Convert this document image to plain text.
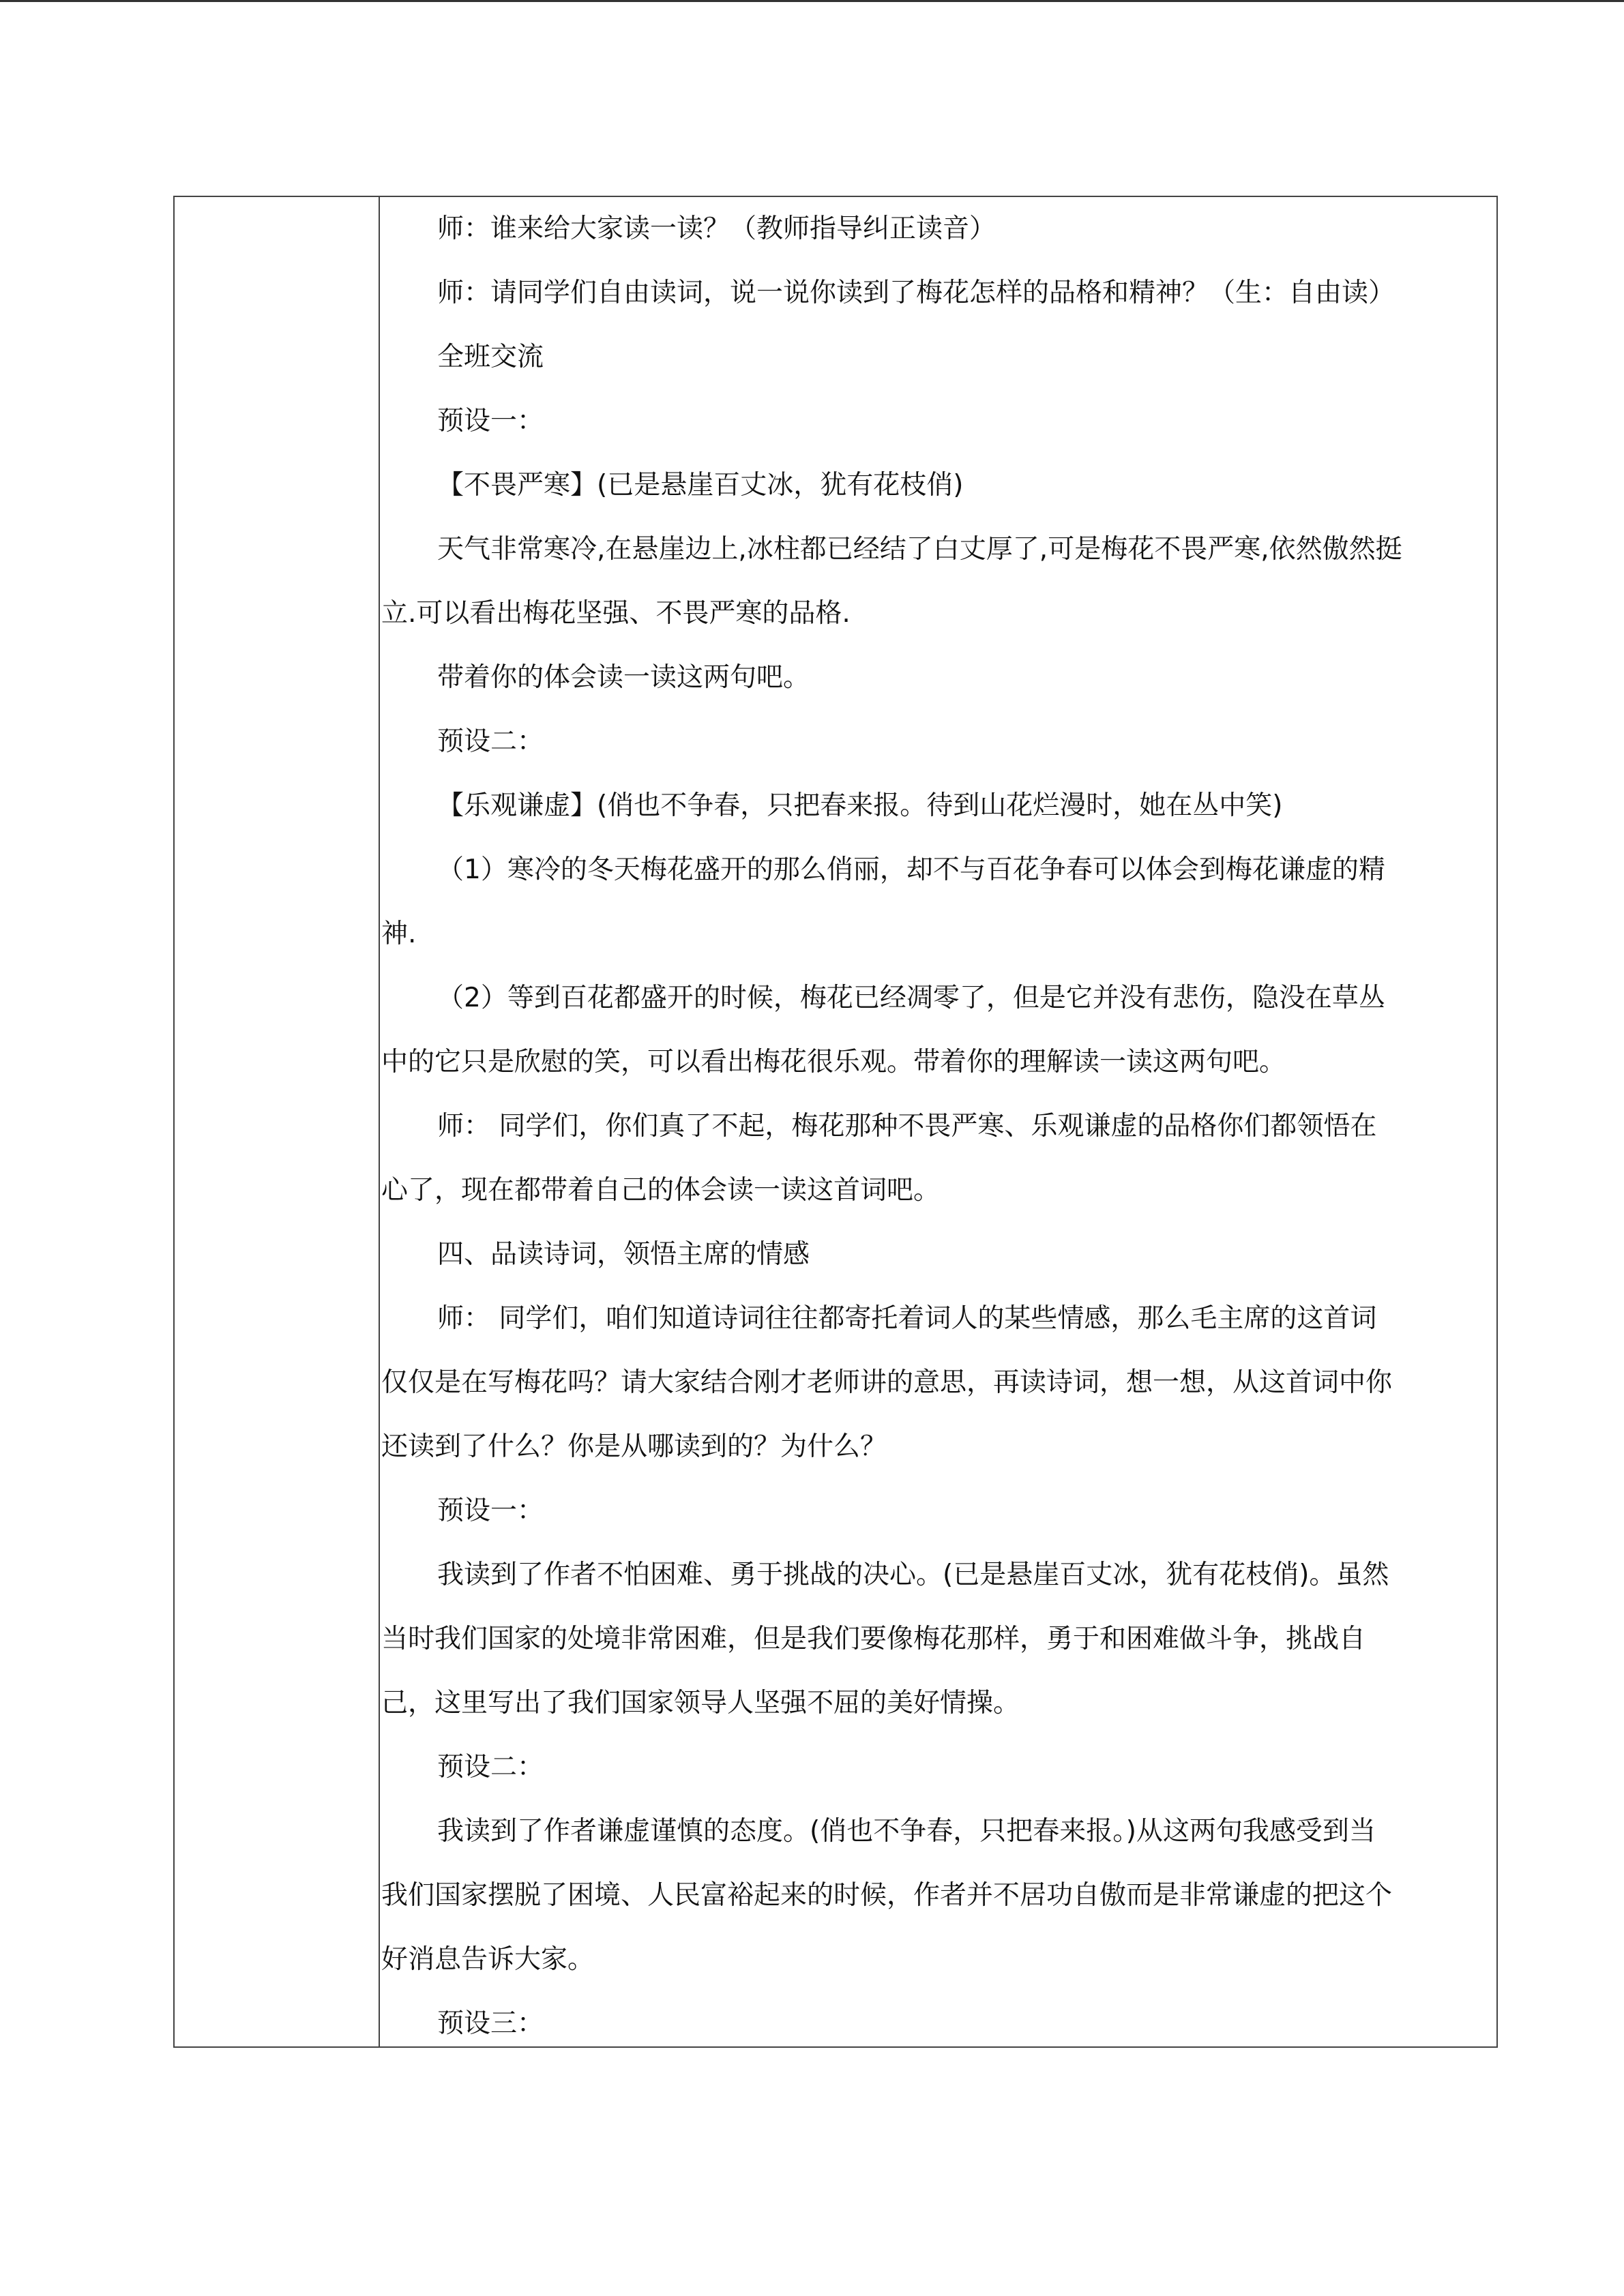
师：谁来给大家读一读？（教师指导纠正读音）
师：请同学们自由读词，说一说你读到了梅花怎样的品格和精神？（生：自由读）
全班交流
预设一：
【不畏严寒】(已是悬崖百丈冰，犹有花枝俏)
天气非常寒冷,在悬崖边上,冰柱都已经结了白丈厚了,可是梅花不畏严寒,依然傲然挺
立.可以看出梅花坚强、不畏严寒的品格.
带着你的体会读一读这两句吧。
预设二：
【乐观谦虚】(俏也不争春，只把春来报。待到山花烂漫时，她在丛中笑)
（1）寒冷的冬天梅花盛开的那么俏丽，却不与百花争春可以体会到梅花谦虚的精
神.
（2）等到百花都盛开的时候，梅花已经凋零了，但是它并没有悲伤，隐没在草丛
中的它只是欣慰的笑，可以看出梅花很乐观。带着你的理解读一读这两句吧。
师： 同学们，你们真了不起，梅花那种不畏严寒、乐观谦虚的品格你们都领悟在
心了，现在都带着自己的体会读一读这首词吧。
四、品读诗词，领悟主席的情感
师： 同学们，咱们知道诗词往往都寄托着词人的某些情感，那么毛主席的这首词
仅仅是在写梅花吗？请大家结合刚才老师讲的意思，再读诗词，想一想，从这首词中你
还读到了什么？你是从哪读到的？为什么？
预设一：
我读到了作者不怕困难、勇于挑战的决心。(已是悬崖百丈冰，犹有花枝俏)。虽然
当时我们国家的处境非常困难，但是我们要像梅花那样，勇于和困难做斗争，挑战自
己，这里写出了我们国家领导人坚强不屈的美好情操。
预设二：
我读到了作者谦虚谨慎的态度。(俏也不争春，只把春来报。)从这两句我感受到当
我们国家摆脱了困境、人民富裕起来的时候，作者并不居功自傲而是非常谦虚的把这个
好消息告诉大家。
预设三：
